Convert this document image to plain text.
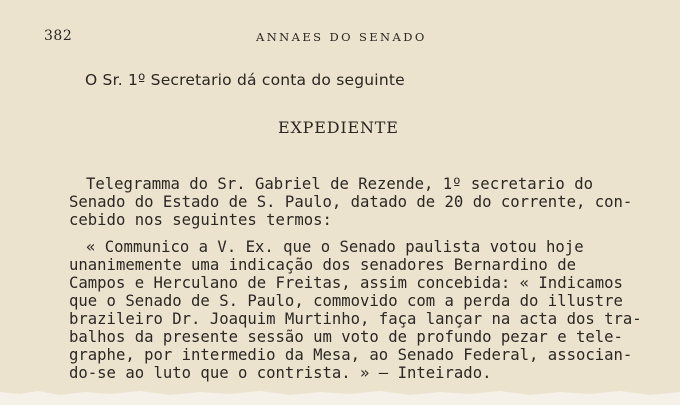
382	ANNAES DO SENADO
O Sr. 1º Secretario dá conta do seguinte
EXPEDIENTE

Telegramma do Sr. Gabriel de Rezende, 1º secretario do
Senado do Estado de S. Paulo, datado de 20 do corrente, con-
cebido nos seguintes termos:

« Communico a V. Ex. que o Senado paulista votou hoje
unanimemente uma indicação dos senadores Bernardino de
Campos e Herculano de Freitas, assim concebida: « Indicamos
que o Senado de S. Paulo, commovido com a perda do illustre
brazileiro Dr. Joaquim Murtinho, faça lançar na acta dos tra-
balhos da presente sessão um voto de profundo pezar e tele-
graphe, por intermedio da Mesa, ao Senado Federal, associan-
do-se ao luto que o contrista. » — Inteirado.
